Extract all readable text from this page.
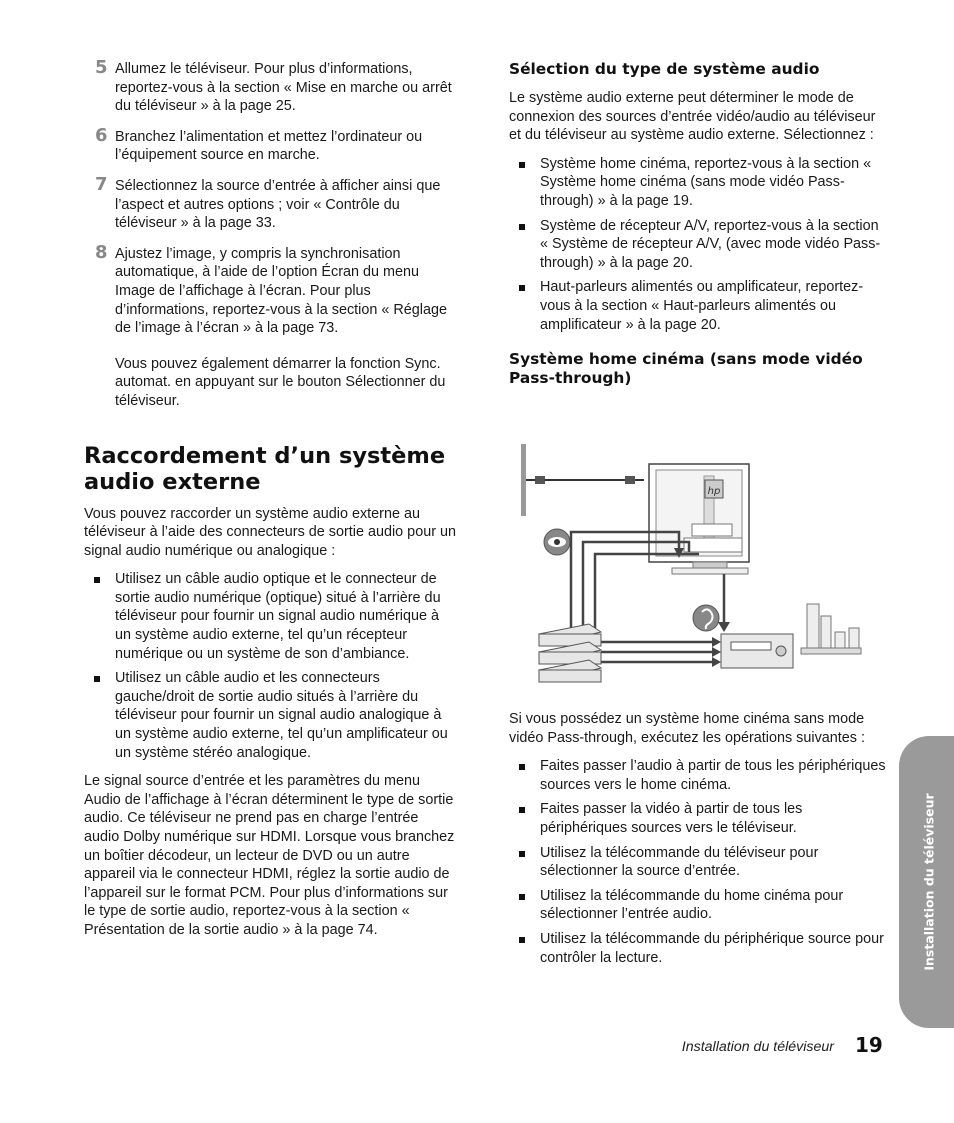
5 Allumez le téléviseur. Pour plus d’informations, reportez-vous à la section « Mise en marche ou arrêt du téléviseur » à la page 25.
6 Branchez l’alimentation et mettez l’ordinateur ou l’équipement source en marche.
7 Sélectionnez la source d’entrée à afficher ainsi que l’aspect et autres options ; voir « Contrôle du téléviseur » à la page 33.
8 Ajustez l’image, y compris la synchronisation automatique, à l’aide de l’option Écran du menu Image de l’affichage à l’écran. Pour plus d’informations, reportez-vous à la section « Réglage de l’image à l’écran » à la page 73.

Vous pouvez également démarrer la fonction Sync. automat. en appuyant sur le bouton Sélectionner du téléviseur.

Raccordement d’un système audio externe

Vous pouvez raccorder un système audio externe au téléviseur à l’aide des connecteurs de sortie audio pour un signal audio numérique ou analogique :

Utilisez un câble audio optique et le connecteur de sortie audio numérique (optique) situé à l’arrière du téléviseur pour fournir un signal audio numérique à un système audio externe, tel qu’un récepteur numérique ou un système de son d’ambiance.
Utilisez un câble audio et les connecteurs gauche/droit de sortie audio situés à l’arrière du téléviseur pour fournir un signal audio analogique à un système audio externe, tel qu’un amplificateur ou un système stéréo analogique.

Le signal source d’entrée et les paramètres du menu Audio de l’affichage à l’écran déterminent le type de sortie audio. Ce téléviseur ne prend pas en charge l’entrée audio Dolby numérique sur HDMI. Lorsque vous branchez un boîtier décodeur, un lecteur de DVD ou un autre appareil via le connecteur HDMI, réglez la sortie audio de l’appareil sur le format PCM. Pour plus d’informations sur le type de sortie audio, reportez-vous à la section « Présentation de la sortie audio » à la page 74.

Sélection du type de système audio

Le système audio externe peut déterminer le mode de connexion des sources d’entrée vidéo/audio au téléviseur et du téléviseur au système audio externe. Sélectionnez :

Système home cinéma, reportez-vous à la section « Système home cinéma (sans mode vidéo Pass-through) » à la page 19.
Système de récepteur A/V, reportez-vous à la section « Système de récepteur A/V, (avec mode vidéo Pass-through) » à la page 20.
Haut-parleurs alimentés ou amplificateur, reportez-vous à la section « Haut-parleurs alimentés ou amplificateur » à la page 20.
Système home cinéma (sans mode vidéo Pass-through)
hp

Si vous possédez un système home cinéma sans mode vidéo Pass-through, exécutez les opérations suivantes :

Faites passer l’audio à partir de tous les périphériques sources vers le home cinéma.
Faites passer la vidéo à partir de tous les périphériques sources vers le téléviseur.
Utilisez la télécommande du téléviseur pour sélectionner la source d’entrée.
Utilisez la télécommande du home cinéma pour sélectionner l’entrée audio.
Utilisez la télécommande du périphérique source pour contrôler la lecture.	Installation du téléviseur
Installation du téléviseur 19
